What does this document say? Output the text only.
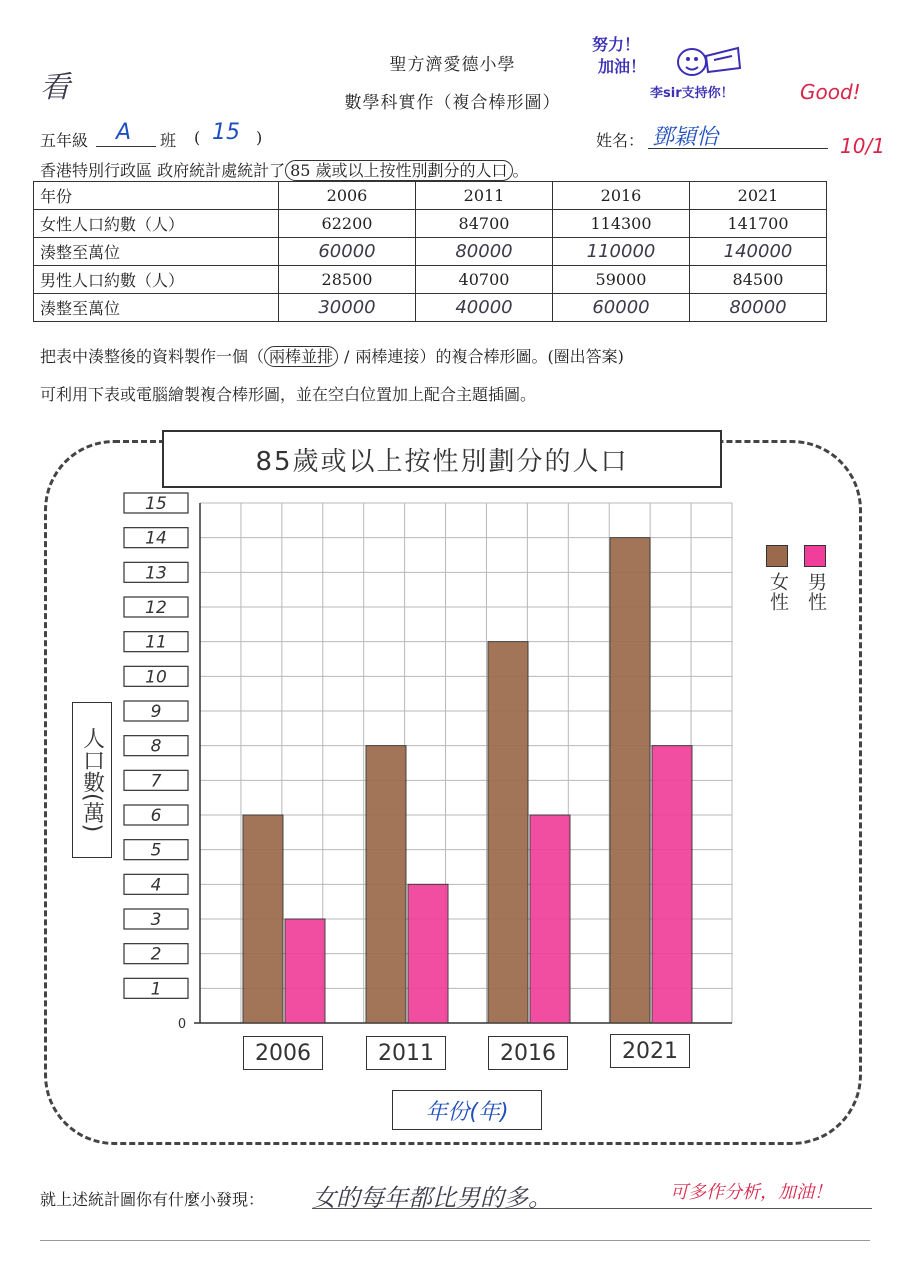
看
聖方濟愛德小學
數學科實作（複合棒形圖）
努力！
加油！
李sir支持你！	Good!
五年級 A 班 ( 15 )	姓名： 鄧穎怡	10/1
香港特別行政區 政府統計處統計了 85 歲或以上按性別劃分的人口 。
年份	2006	2011	2016	2021
女性人口約數（人）	62200	84700	114300	141700
湊整至萬位	60000	80000	110000	140000
男性人口約數（人）	28500	40700	59000	84500
湊整至萬位	30000	40000	60000	80000
把表中湊整後的資料製作一個（ 兩棒並排 / 兩棒連接）的複合棒形圖。(圈出答案)
可利用下表或電腦繪製複合棒形圖，並在空白位置加上配合主題插圖。
85歲或以上按性別劃分的人口
0
1
2
3
4
5
6
7
8
9
10
11
12
13
14
15
人口數(萬)
2006	2011	2016	2021
年份(年)
女性 男性
就上述統計圖你有什麼小發現： 女的每年都比男的多。	可多作分析，加油！
